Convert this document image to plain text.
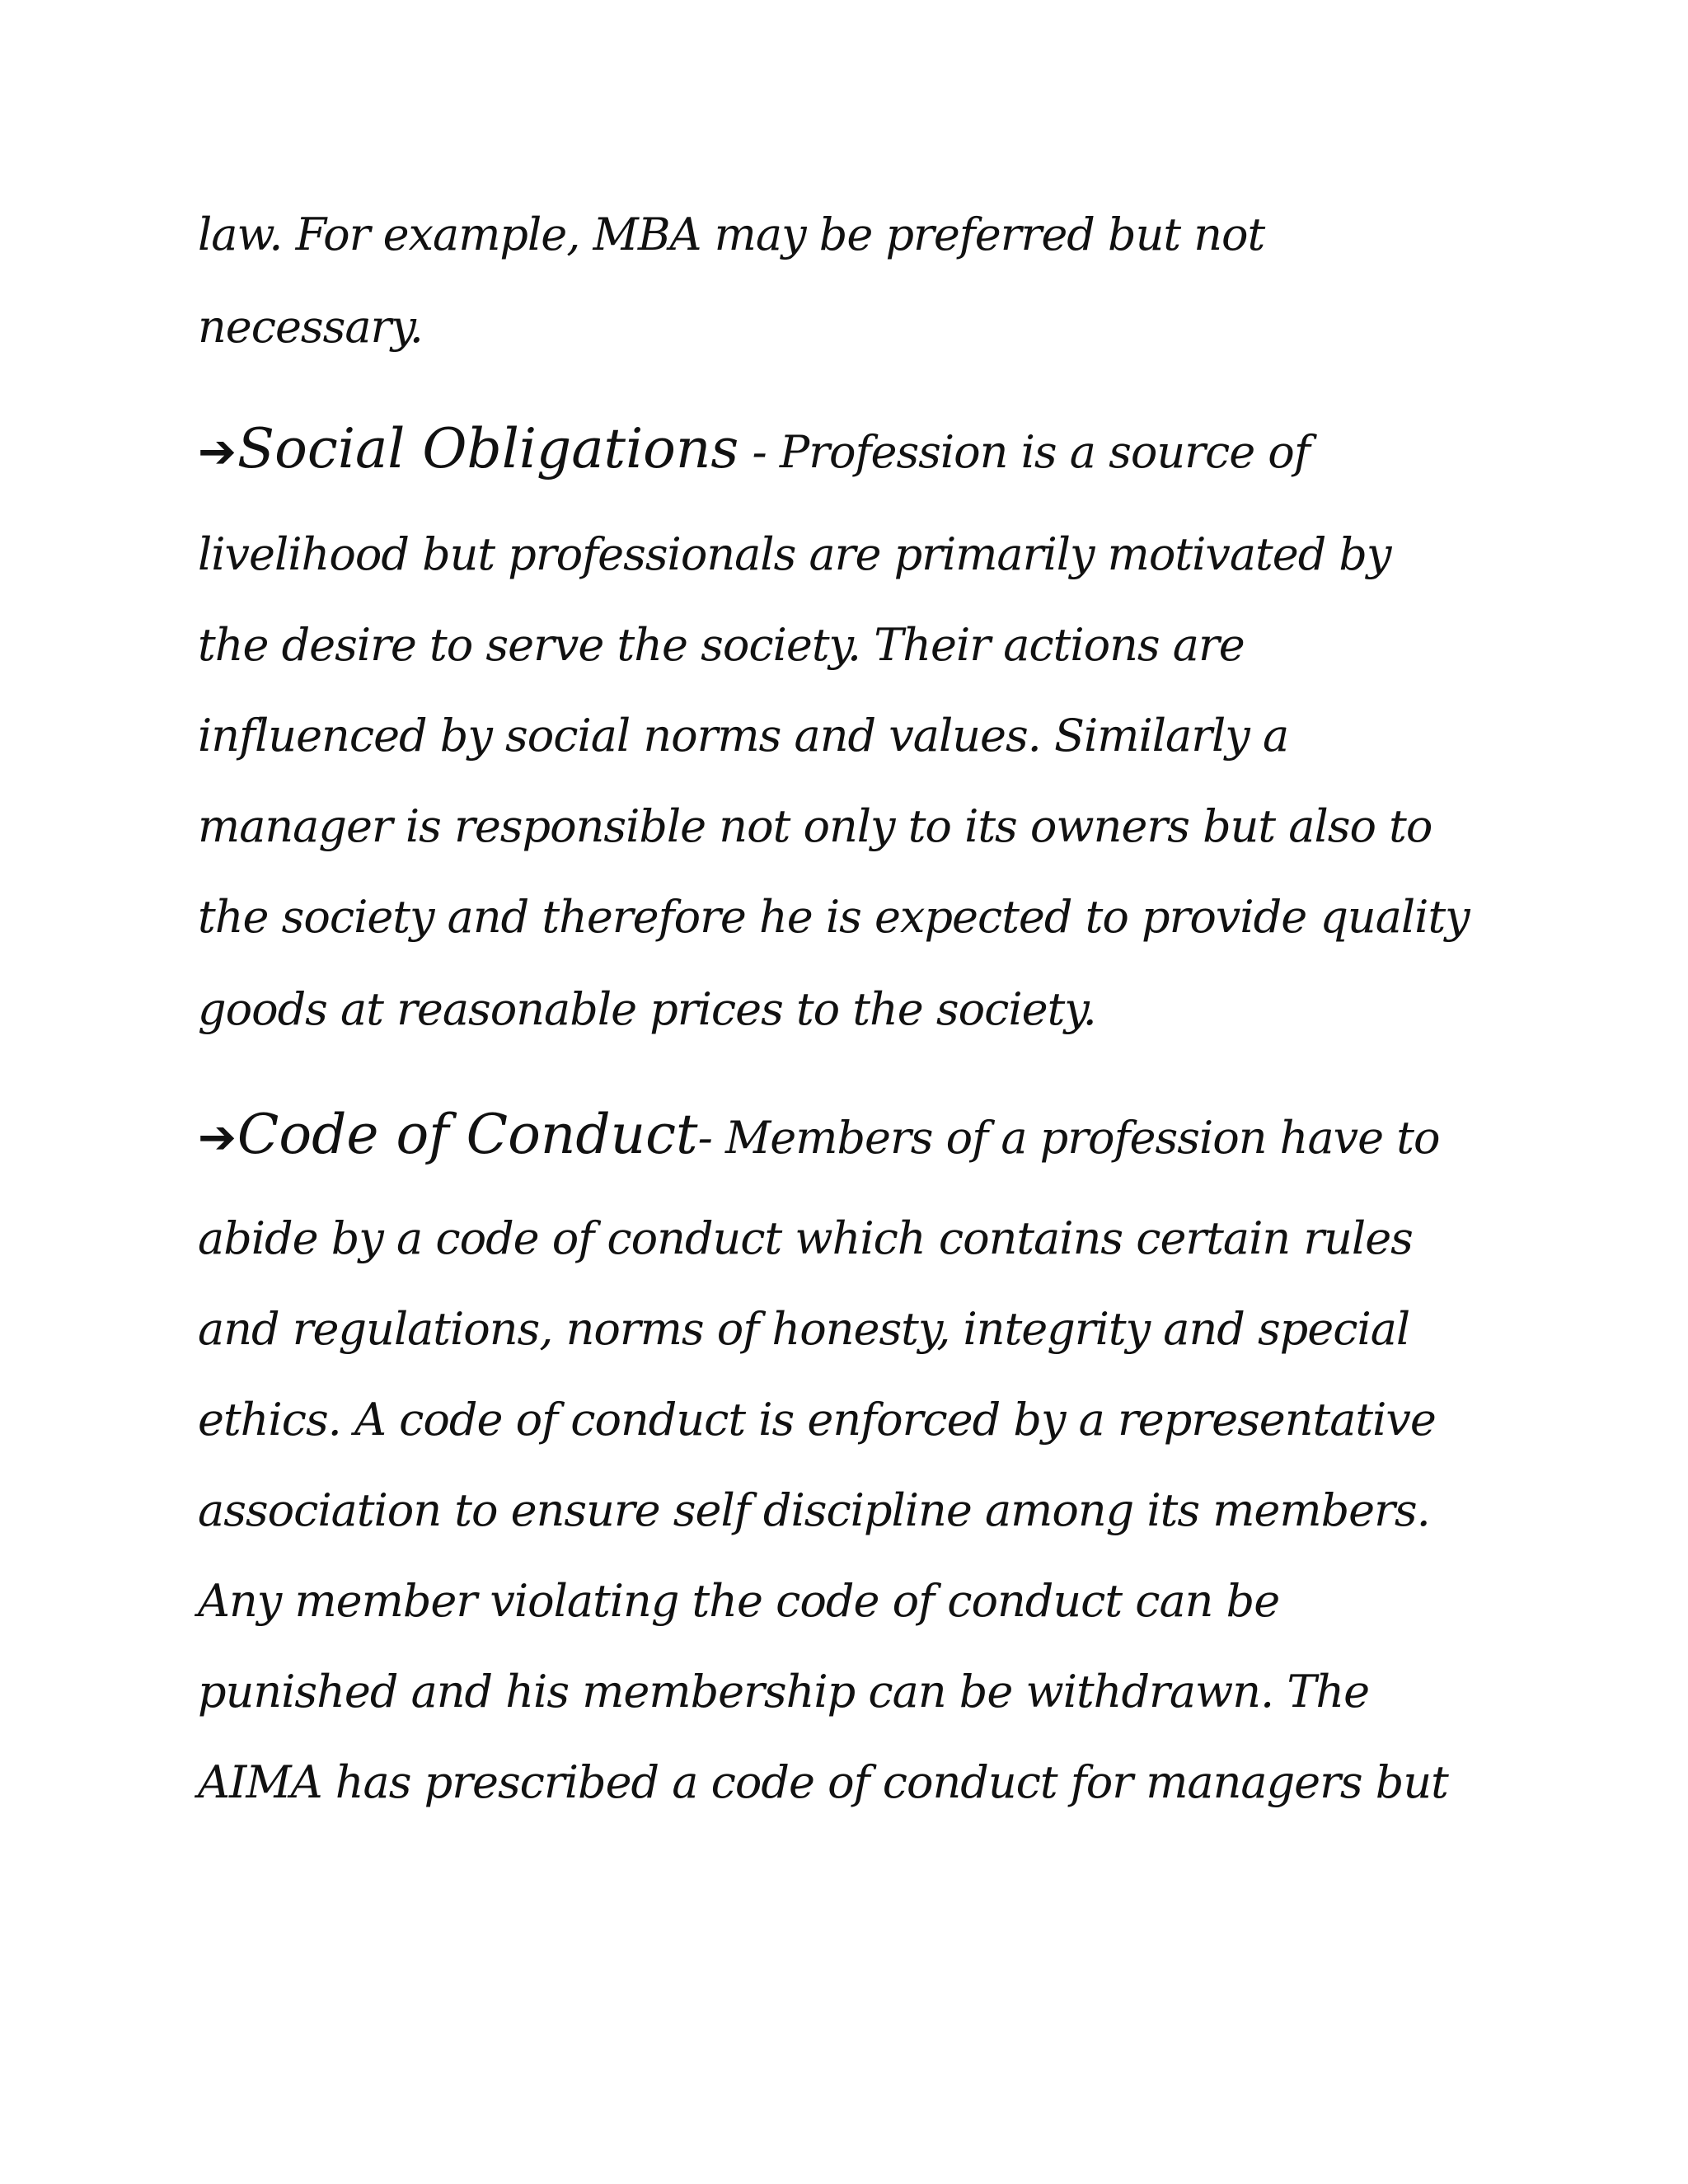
law. For example, MBA may be preferred but not
necessary.
➔Social Obligations - Profession is a source of
livelihood but professionals are primarily motivated by
the desire to serve the society. Their actions are
influenced by social norms and values. Similarly a
manager is responsible not only to its owners but also to
the society and therefore he is expected to provide quality
goods at reasonable prices to the society.
➔Code of Conduct- Members of a profession have to
abide by a code of conduct which contains certain rules
and regulations, norms of honesty, integrity and special
ethics. A code of conduct is enforced by a representative
association to ensure self discipline among its members.
Any member violating the code of conduct can be
punished and his membership can be withdrawn. The
AIMA has prescribed a code of conduct for managers but
